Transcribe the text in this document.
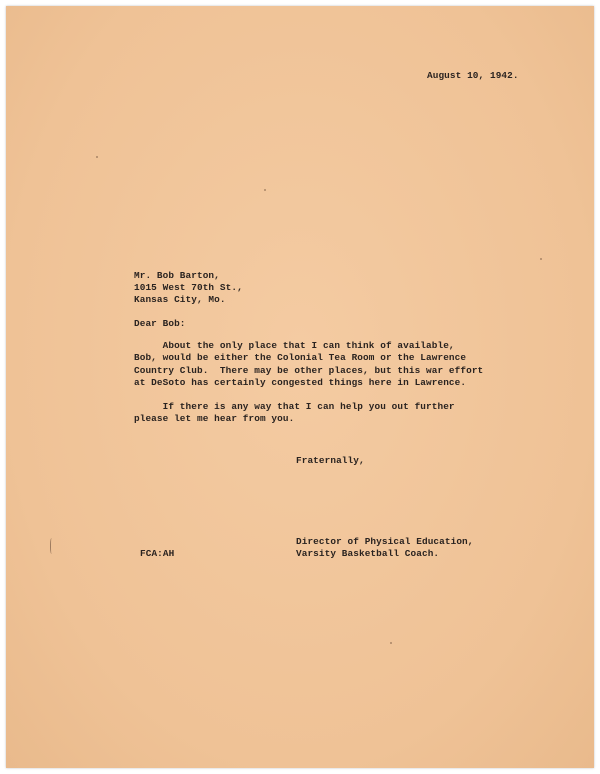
August 10, 1942.
Mr. Bob Barton,
1015 West 70th St.,
Kansas City, Mo.
Dear Bob:
About the only place that I can think of available,
Bob, would be either the Colonial Tea Room or the Lawrence
Country Club.  There may be other places, but this war effort
at DeSoto has certainly congested things here in Lawrence.
If there is any way that I can help you out further
please let me hear from you.
Fraternally,
Director of Physical Education,
Varsity Basketball Coach.
FCA:AH
